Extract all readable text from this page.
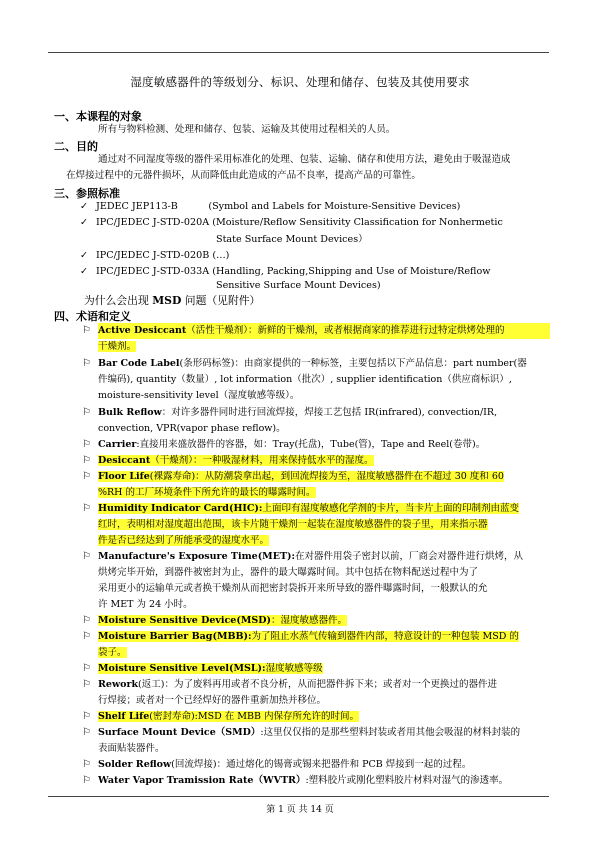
湿度敏感器件的等级划分、标识、处理和储存、包装及其使用要求
一、本课程的对象
所有与物料检测、处理和储存、包装、运输及其使用过程相关的人员。
二、目的
通过对不同湿度等级的器件采用标准化的处理、包装、运输、储存和使用方法，避免由于吸湿造成
在焊接过程中的元器件损坏，从而降低由此造成的产品不良率，提高产品的可靠性。
三、参照标准
✓ JEDEC JEP113-B          (Symbol and Labels for Moisture-Sensitive Devices)
✓ IPC/JEDEC J-STD-020A (Moisture/Reflow Sensitivity Classification for Nonhermetic
State Surface Mount Devices）
✓ IPC/JEDEC J-STD-020B (…)
✓ IPC/JEDEC J-STD-033A (Handling, Packing,Shipping and Use of Moisture/Reflow
Sensitive Surface Mount Devices)
为什么会出现 MSD 问题（见附件）
四、术语和定义
⚐ Active Desiccant（活性干燥剂）：新鲜的干燥剂，或者根据商家的推荐进行过特定烘烤处理的
干燥剂。
⚐ Bar Code Label(条形码标签)：由商家提供的一种标签，主要包括以下产品信息：part number(器
件编码), quantity（数量）, lot information（批次）, supplier identification（供应商标识）,
moisture-sensitivity level（湿度敏感等级）。
⚐ Bulk Reflow：对许多器件同时进行回流焊接，焊接工艺包括 IR(infrared), convection/IR,
convection, VPR(vapor phase reflow)。
⚐ Carrier:直接用来盛放器件的容器，如：Tray(托盘)，Tube(管)，Tape and Reel(卷带)。
⚐ Desiccant（干燥剂）：一种吸湿材料，用来保持低水平的湿度。
⚐ Floor Life(裸露寿命)：从防潮袋拿出起，到回流焊接为至，湿度敏感器件在不超过 30 度和 60
%RH 的工厂环境条件下所允许的最长的曝露时间。
⚐ Humidity Indicator Card(HIC):上面印有湿度敏感化学剂的卡片，当卡片上面的印制剂由蓝变
红时，表明相对湿度超出范围，该卡片随干燥剂一起装在湿度敏感器件的袋子里，用来指示器
件是否已经达到了所能承受的湿度水平。
⚐ Manufacture's Exposure Time(MET):在对器件用袋子密封以前，厂商会对器件进行烘烤，从
烘烤完毕开始，到器件被密封为止，器件的最大曝露时间。其中包括在物料配送过程中为了
采用更小的运输单元或者换干燥剂从而把密封袋拆开来所导致的器件曝露时间，一般默认的允
许 MET 为 24 小时。
⚐ Moisture Sensitive Device(MSD)：湿度敏感器件。
⚐ Moisture Barrier Bag(MBB):为了阻止水蒸气传输到器件内部，特意设计的一种包装 MSD 的
袋子。
⚐ Moisture Sensitive Level(MSL):湿度敏感等级
⚐ Rework(返工)：为了废料再用或者不良分析，从而把器件拆下来；或者对一个更换过的器件进
行焊接；或者对一个已经焊好的器件重新加热并移位。
⚐ Shelf Life(密封寿命):MSD 在 MBB 内保存所允许的时间。
⚐ Surface Mount Device（SMD）:这里仅仅指的是那些塑料封装或者用其他会吸湿的材料封装的
表面贴装器件。
⚐ Solder Reflow(回流焊接)：通过熔化的锡膏或锡来把器件和 PCB 焊接到一起的过程。
⚐ Water Vapor Tramission Rate（WVTR）:塑料胶片或刚化塑料胶片材料对湿气的渗透率。
第 1 页 共 14 页
